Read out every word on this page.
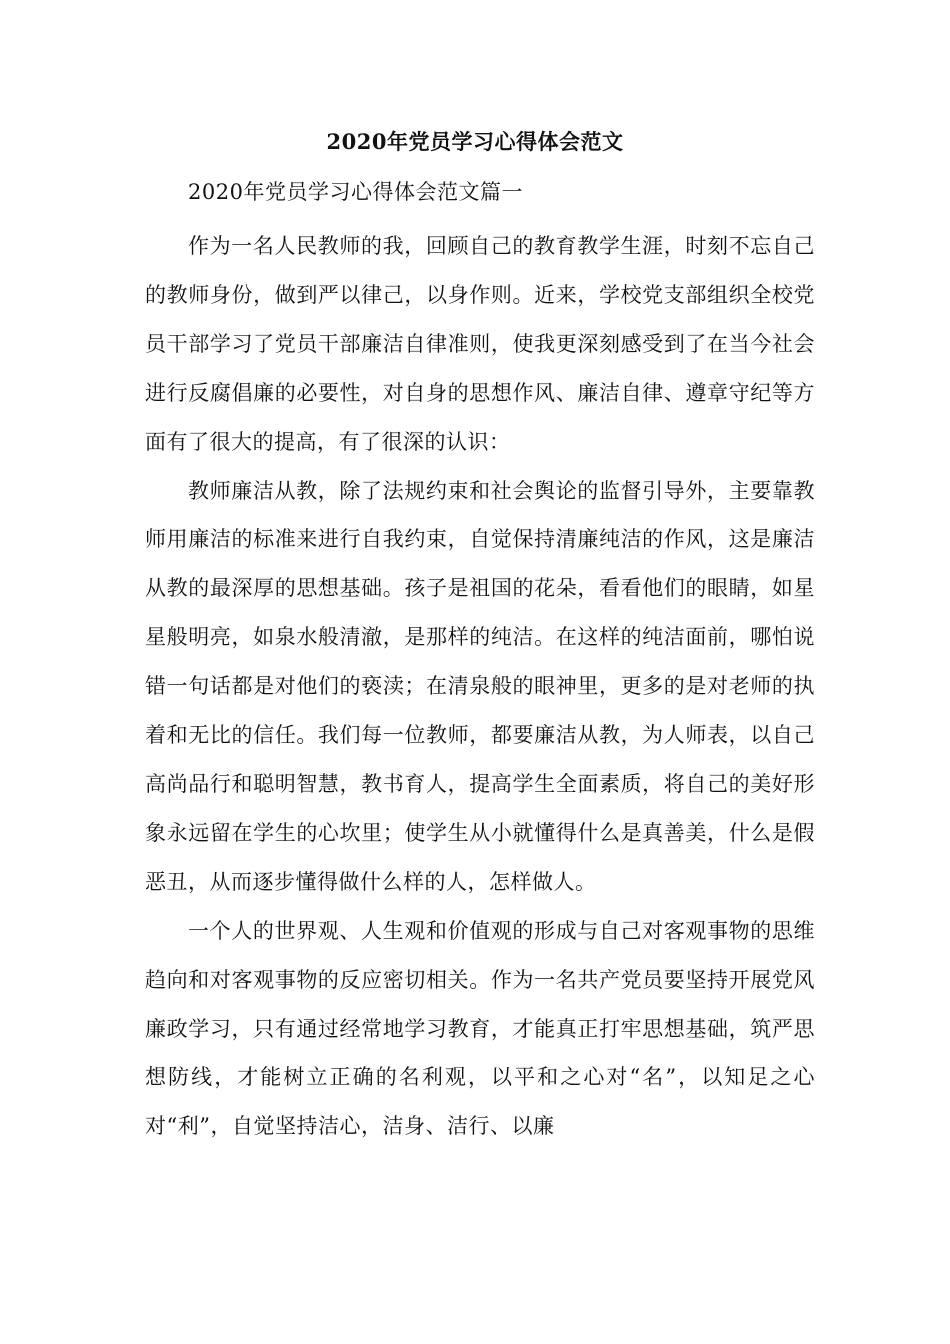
2020年党员学习心得体会范文

2020年党员学习心得体会范文篇一

作为一名人民教师的我，回顾自己的教育教学生涯，时刻不忘自己的教师身份，做到严以律己，以身作则。近来，学校党支部组织全校党员干部学习了党员干部廉洁自律准则，使我更深刻感受到了在当今社会进行反腐倡廉的必要性，对自身的思想作风、廉洁自律、遵章守纪等方面有了很大的提高，有了很深的认识：

教师廉洁从教，除了法规约束和社会舆论的监督引导外，主要靠教师用廉洁的标准来进行自我约束，自觉保持清廉纯洁的作风，这是廉洁从教的最深厚的思想基础。孩子是祖国的花朵，看看他们的眼睛，如星星般明亮，如泉水般清澈，是那样的纯洁。在这样的纯洁面前，哪怕说错一句话都是对他们的亵渎；在清泉般的眼神里，更多的是对老师的执着和无比的信任。我们每一位教师，都要廉洁从教，为人师表，以自己高尚品行和聪明智慧，教书育人，提高学生全面素质，将自己的美好形象永远留在学生的心坎里；使学生从小就懂得什么是真善美，什么是假恶丑，从而逐步懂得做什么样的人，怎样做人。

一个人的世界观、人生观和价值观的形成与自己对客观事物的思维趋向和对客观事物的反应密切相关。作为一名共产党员要坚持开展党风廉政学习，只有通过经常地学习教育，才能真正打牢思想基础，筑严思想防线，才能树立正确的名利观，以平和之心对“名”，以知足之心对“利”，自觉坚持洁心，洁身、洁行、以廉
